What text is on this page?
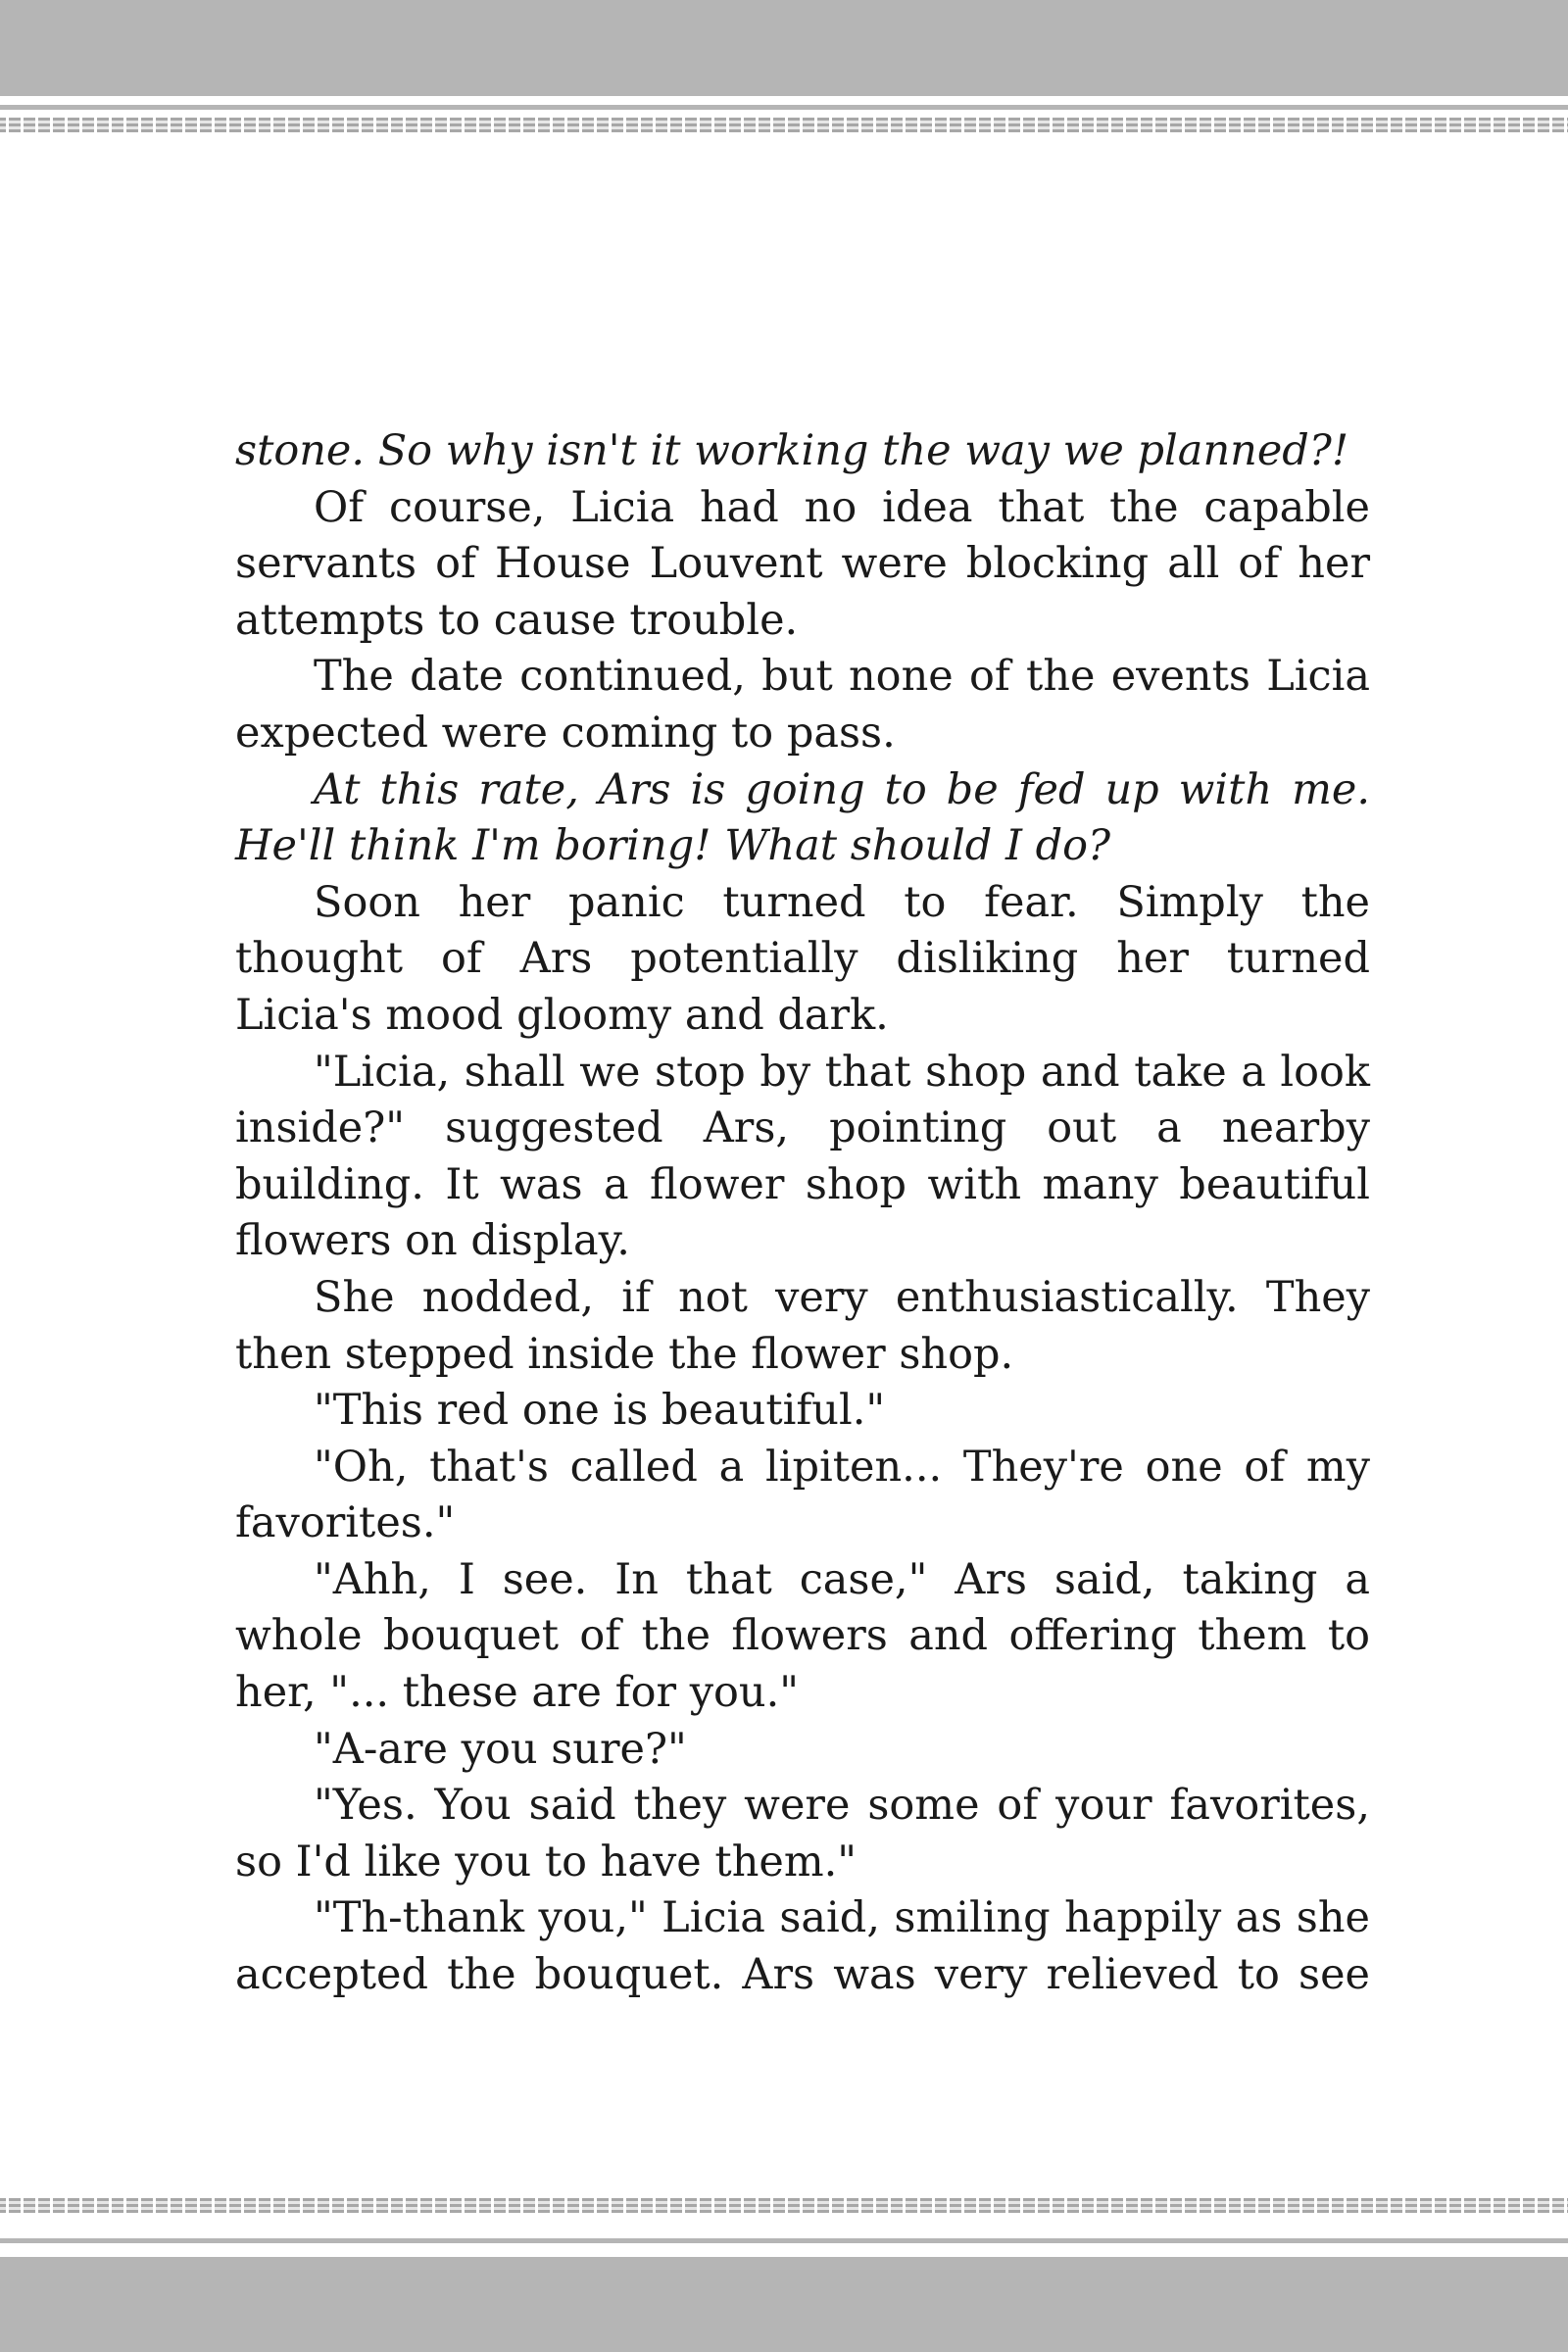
stone. So why isn't it working the way we planned?!

Of course, Licia had no idea that the capable servants of House Louvent were blocking all of her attempts to cause trouble.

The date continued, but none of the events Licia expected were coming to pass.

At this rate, Ars is going to be fed up with me. He'll think I'm boring! What should I do?

Soon her panic turned to fear. Simply the thought of Ars potentially disliking her turned Licia's mood gloomy and dark.

"Licia, shall we stop by that shop and take a look inside?" suggested Ars, pointing out a nearby building. It was a flower shop with many beautiful flowers on display.

She nodded, if not very enthusiastically. They then stepped inside the flower shop.

"This red one is beautiful."

"Oh, that's called a lipiten... They're one of my favorites."

"Ahh, I see. In that case," Ars said, taking a whole bouquet of the flowers and offering them to her, "... these are for you."

"A-are you sure?"

"Yes. You said they were some of your favorites, so I'd like you to have them."

"Th-thank you," Licia said, smiling happily as she accepted the bouquet. Ars was very relieved to see
